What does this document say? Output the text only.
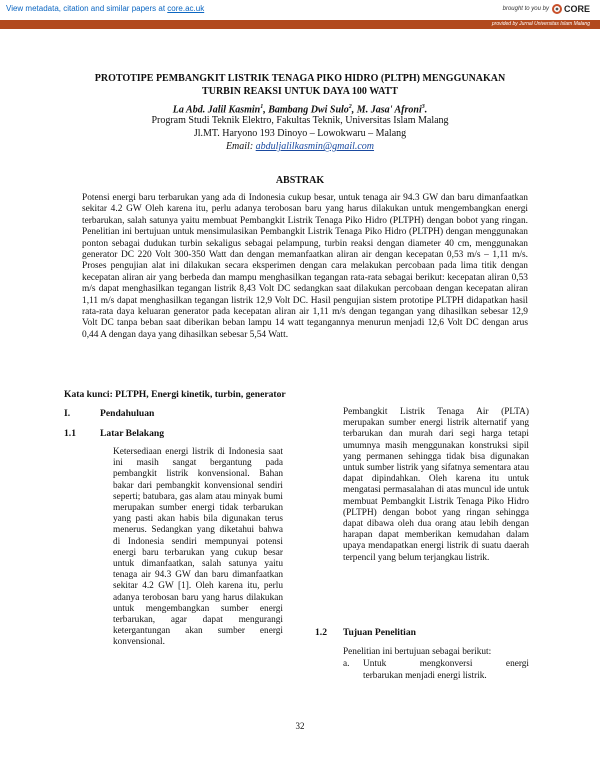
View metadata, citation and similar papers at core.ac.uk	brought to you by CORE
provided by Jurnal Universitas Islam Malang
PROTOTIPE PEMBANGKIT LISTRIK TENAGA PIKO HIDRO (PLTPH) MENGGUNAKAN
TURBIN REAKSI UNTUK DAYA 100 WATT
La Abd. Jalil Kasmin$^1$, Bambang Dwi Sulo$^2$, M. Jasa' Afroni$^3$.
Program Studi Teknik Elektro, Fakultas Teknik, Universitas Islam Malang
Jl.MT. Haryono 193 Dinoyo – Lowokwaru – Malang
Email: abduljalilkasmin@gmail.com
ABSTRAK

Potensi energi baru terbarukan yang ada di Indonesia cukup besar, untuk tenaga air 94.3 GW dan baru dimanfaatkan sekitar 4.2 GW Oleh karena itu, perlu adanya terobosan baru yang harus dilakukan untuk mengembangkan energi terbarukan, salah satunya yaitu membuat Pembangkit Listrik Tenaga Piko Hidro (PLTPH) dengan bobot yang ringan. Penelitian ini bertujuan untuk mensimulasikan Pembangkit Listrik Tenaga Piko Hidro (PLTPH) dengan menggunakan ponton sebagai dudukan turbin sekaligus sebagai pelampung, turbin reaksi dengan diameter 40 cm, menggunakan generator DC 220 Volt 300-350 Watt dan dengan memanfaatkan aliran air dengan kecepatan 0,53 m/s – 1,11 m/s. Proses pengujian alat ini dilakukan secara eksperimen dengan cara melakukan percobaan pada lima titik dengan kecepatan aliran air yang berbeda dan mampu menghasilkan tegangan rata-rata sebagai berikut: kecepatan aliran 0,53 m/s dapat menghasilkan tegangan listrik 8,43 Volt DC sedangkan saat dilakukan percobaan dengan kecepatan aliran 1,11 m/s dapat menghasilkan tegangan listrik 12,9 Volt DC. Hasil pengujian sistem prototipe PLTPH didapatkan hasil rata-rata daya keluaran generator pada kecepatan aliran air 1,11 m/s dengan tegangan yang dihasilkan sebesar 12,9 Volt DC tanpa beban saat diberikan beban lampu 14 watt tegangannya menurun menjadi 12,6 Volt DC dengan arus 0,44 A dengan daya yang dihasilkan sebesar 5,54 Watt.

Kata kunci: PLTPH, Energi kinetik, turbin, generator
I.	Pendahuluan
1.1	Latar Belakang

Ketersediaan energi listrik di Indonesia saat ini masih sangat bergantung pada pembangkit listrik konvensional. Bahan bakar dari pembangkit konvensional sendiri seperti; batubara, gas alam atau minyak bumi merupakan sumber energi tidak terbarukan yang pasti akan habis bila digunakan terus menerus. Sedangkan yang diketahui bahwa di Indonesia sendiri mempunyai potensi energi baru terbarukan yang cukup besar untuk dimanfaatkan, salah satunya yaitu tenaga air 94.3 GW dan baru dimanfaatkan sekitar 4.2 GW [1]. Oleh karena itu, perlu adanya terobosan baru yang harus dilakukan untuk mengembangkan sumber energi terbarukan, agar dapat mengurangi ketergantungan akan sumber energi konvensional.

Pembangkit Listrik Tenaga Air (PLTA) merupakan sumber energi listrik alternatif yang terbarukan dan murah dari segi harga tetapi umumnya masih menggunakan konstruksi sipil yang permanen sehingga tidak bisa digunakan untuk sumber listrik yang sifatnya sementara atau dapat dipindahkan. Oleh karena itu untuk mengatasi permasalahan di atas muncul ide untuk membuat Pembangkit Listrik Tenaga Piko Hidro (PLTPH) dengan bobot yang ringan sehingga dapat dibawa oleh dua orang atau lebih dengan harapan dapat memberikan kemudahan dalam upaya mendapatkan energi listrik di suatu daerah terpencil yang belum terjangkau listrik.

1.2 Tujuan Penelitian
Penelitian ini bertujuan sebagai berikut:
a. Untuk mengkonversi energi
terbarukan menjadi energi listrik.
32
